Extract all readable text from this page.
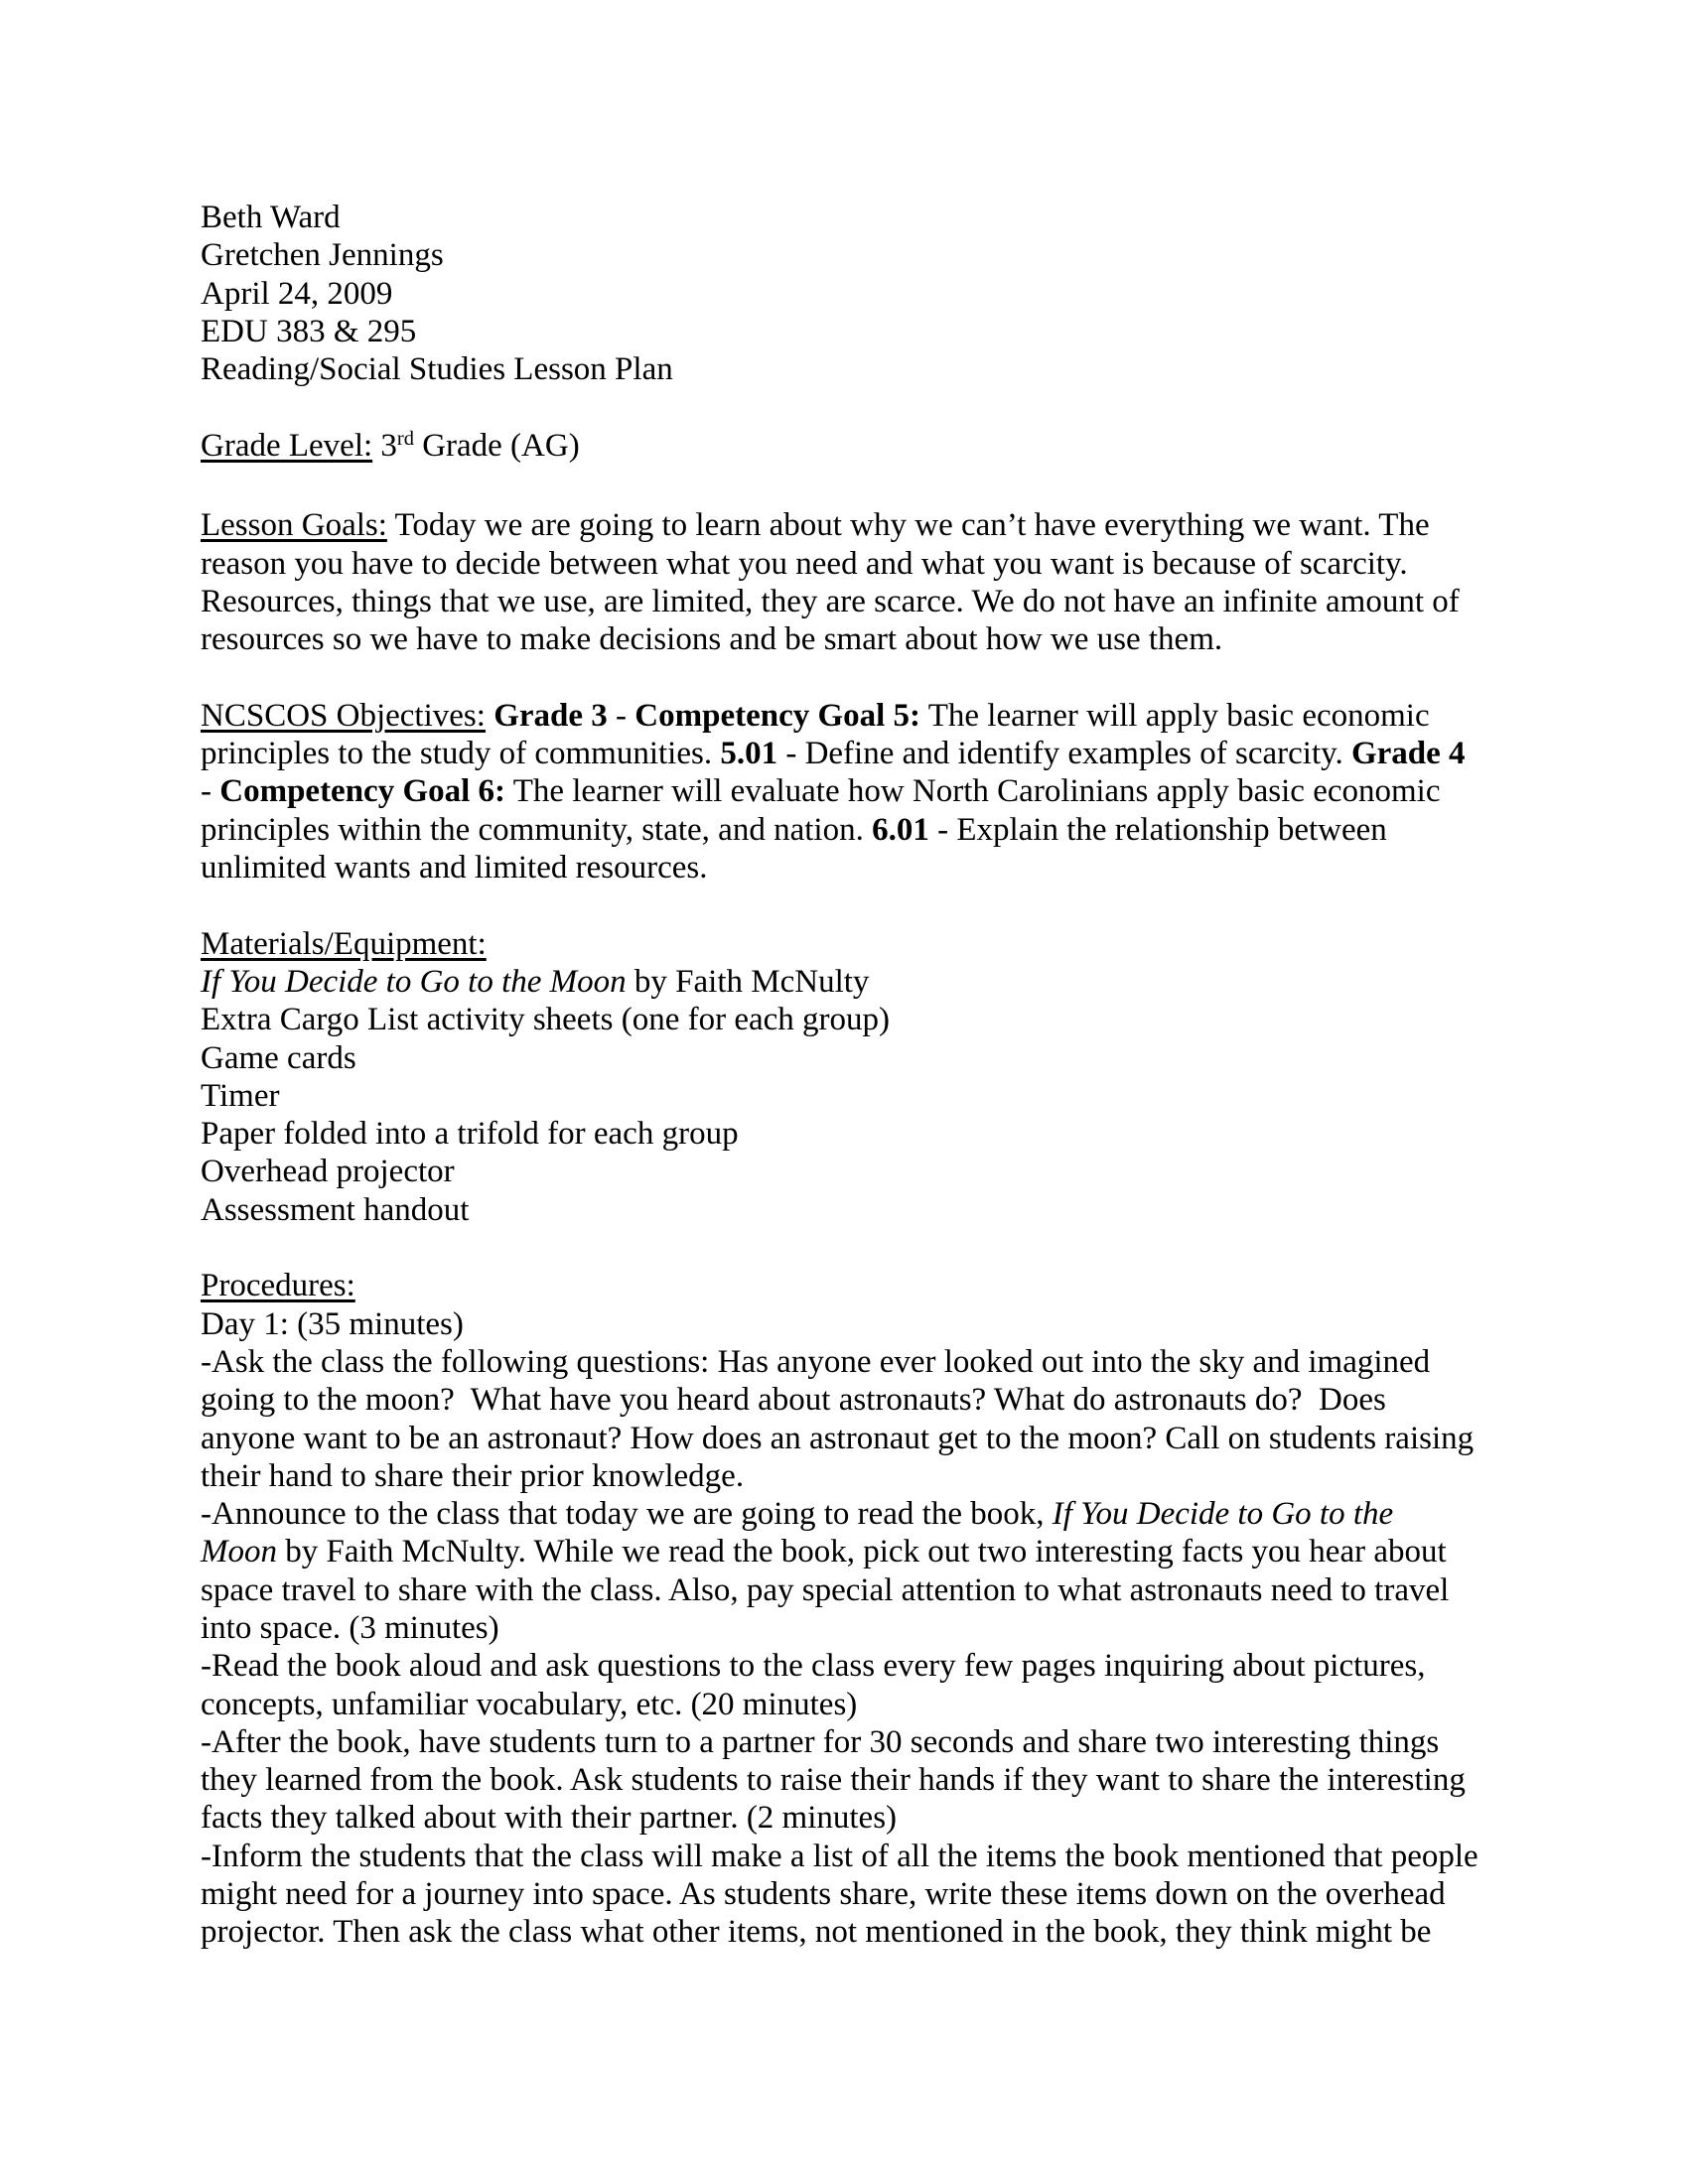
Beth Ward
Gretchen Jennings
April 24, 2009
EDU 383 & 295
Reading/Social Studies Lesson Plan
Grade Level: 3rd Grade (AG)
Lesson Goals: Today we are going to learn about why we can’t have everything we want. The
reason you have to decide between what you need and what you want is because of scarcity.
Resources, things that we use, are limited, they are scarce. We do not have an infinite amount of
resources so we have to make decisions and be smart about how we use them.
NCSCOS Objectives: Grade 3 - Competency Goal 5: The learner will apply basic economic
principles to the study of communities. 5.01 - Define and identify examples of scarcity. Grade 4
- Competency Goal 6: The learner will evaluate how North Carolinians apply basic economic
principles within the community, state, and nation. 6.01 - Explain the relationship between
unlimited wants and limited resources.
Materials/Equipment:
If You Decide to Go to the Moon by Faith McNulty
Extra Cargo List activity sheets (one for each group)
Game cards
Timer
Paper folded into a trifold for each group
Overhead projector
Assessment handout
Procedures:
Day 1: (35 minutes)
-Ask the class the following questions: Has anyone ever looked out into the sky and imagined
going to the moon?  What have you heard about astronauts? What do astronauts do?  Does
anyone want to be an astronaut? How does an astronaut get to the moon? Call on students raising
their hand to share their prior knowledge.
-Announce to the class that today we are going to read the book, If You Decide to Go to the
Moon by Faith McNulty. While we read the book, pick out two interesting facts you hear about
space travel to share with the class. Also, pay special attention to what astronauts need to travel
into space. (3 minutes)
-Read the book aloud and ask questions to the class every few pages inquiring about pictures,
concepts, unfamiliar vocabulary, etc. (20 minutes)
-After the book, have students turn to a partner for 30 seconds and share two interesting things
they learned from the book. Ask students to raise their hands if they want to share the interesting
facts they talked about with their partner. (2 minutes)
-Inform the students that the class will make a list of all the items the book mentioned that people
might need for a journey into space. As students share, write these items down on the overhead
projector. Then ask the class what other items, not mentioned in the book, they think might be
